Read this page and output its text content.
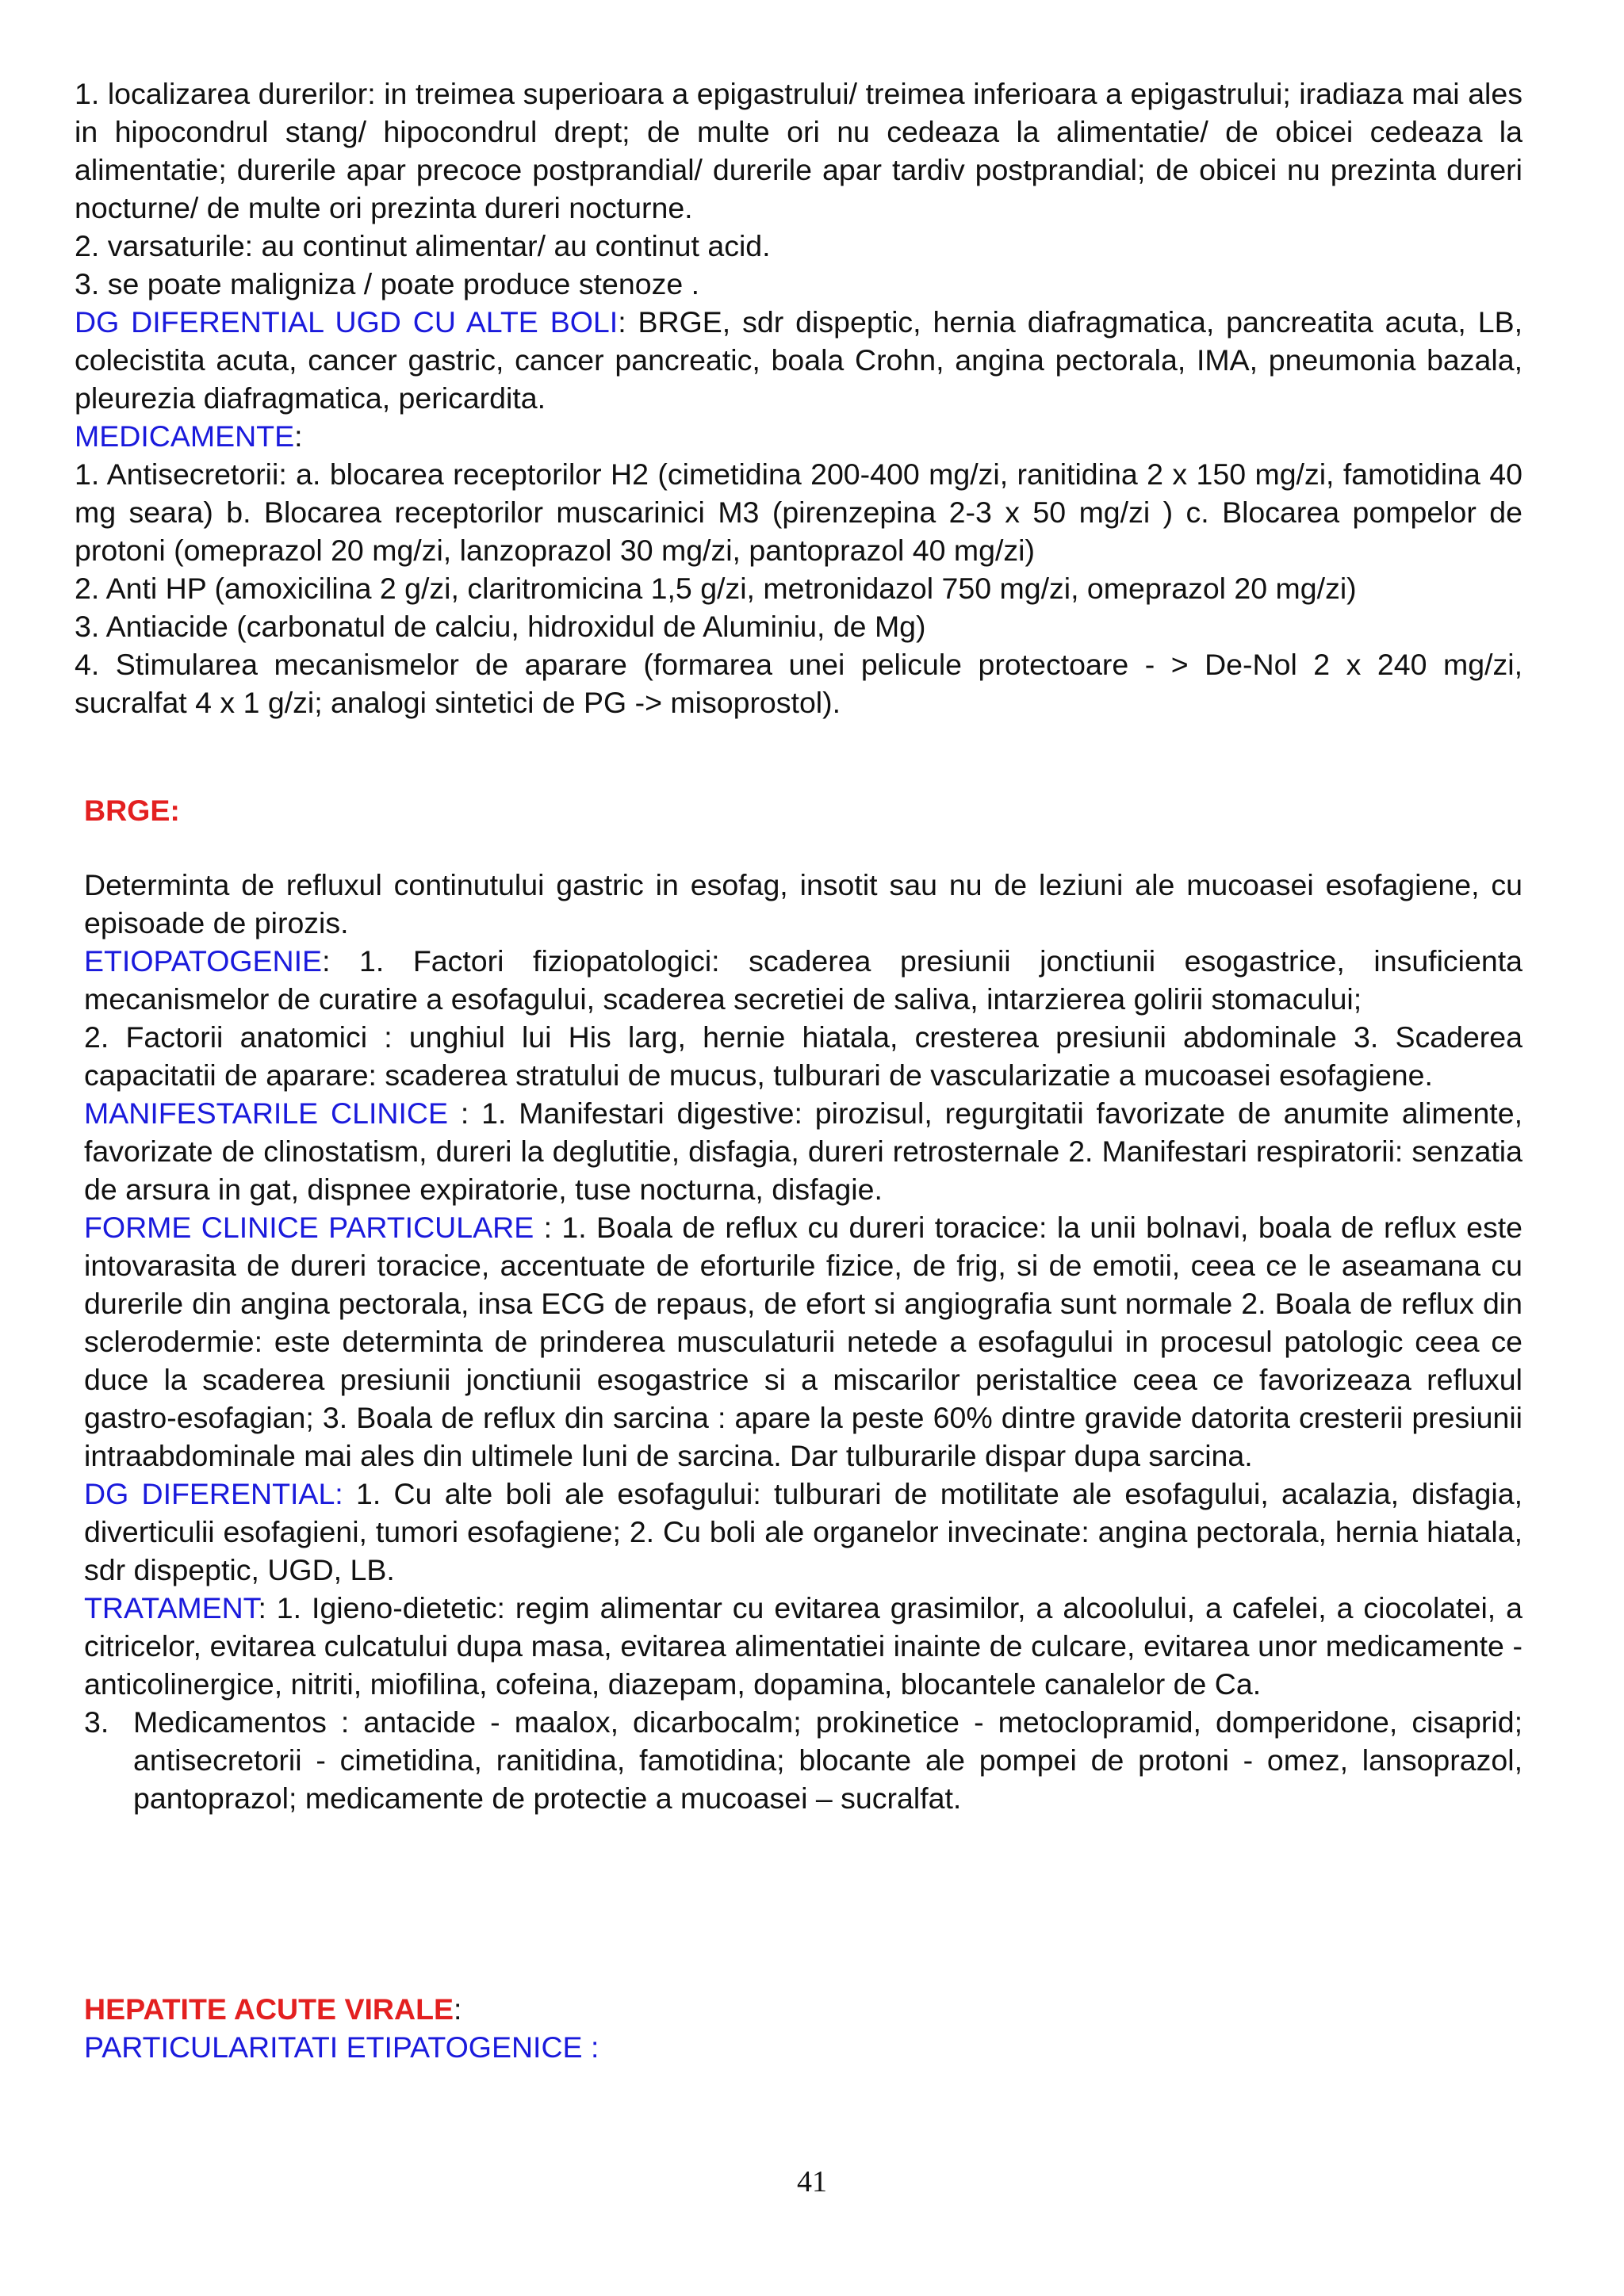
1. localizarea durerilor: in treimea superioara a epigastrului/ treimea inferioara a epigastrului; iradiaza mai ales in hipocondrul stang/ hipocondrul drept; de multe ori nu cedeaza la alimentatie/ de obicei cedeaza la alimentatie; durerile apar precoce postprandial/ durerile apar tardiv postprandial; de obicei nu prezinta dureri nocturne/ de multe ori prezinta dureri nocturne.

2. varsaturile: au continut alimentar/ au continut acid.

3. se poate maligniza / poate produce stenoze .

DG DIFERENTIAL UGD CU ALTE BOLI: BRGE, sdr dispeptic, hernia diafragmatica, pancreatita acuta, LB, colecistita acuta, cancer gastric, cancer pancreatic, boala Crohn, angina pectorala, IMA, pneumonia bazala, pleurezia diafragmatica, pericardita.

MEDICAMENTE:

1. Antisecretorii: a. blocarea receptorilor H2 (cimetidina 200-400 mg/zi, ranitidina 2 x 150 mg/zi, famotidina 40 mg seara) b. Blocarea receptorilor muscarinici M3 (pirenzepina 2-3 x 50 mg/zi ) c. Blocarea pompelor de protoni (omeprazol 20 mg/zi, lanzoprazol 30 mg/zi, pantoprazol 40 mg/zi)

2. Anti HP (amoxicilina 2 g/zi, claritromicina 1,5 g/zi, metronidazol 750 mg/zi, omeprazol 20 mg/zi)

3. Antiacide (carbonatul de calciu, hidroxidul de Aluminiu, de Mg)

4. Stimularea mecanismelor de aparare (formarea unei pelicule protectoare - > De-Nol 2 x 240 mg/zi, sucralfat 4 x 1 g/zi; analogi sintetici de PG -> misoprostol).

BRGE:

Determinta de refluxul continutului gastric in esofag, insotit sau nu de leziuni ale mucoasei esofagiene, cu episoade de pirozis.

ETIOPATOGENIE: 1. Factori fiziopatologici: scaderea presiunii jonctiunii esogastrice, insuficienta mecanismelor de curatire a esofagului, scaderea secretiei de saliva, intarzierea golirii stomacului;

2. Factorii anatomici : unghiul lui His larg, hernie hiatala, cresterea presiunii abdominale 3. Scaderea capacitatii de aparare: scaderea stratului de mucus, tulburari de vascularizatie a mucoasei esofagiene.

MANIFESTARILE CLINICE : 1. Manifestari digestive: pirozisul, regurgitatii favorizate de anumite alimente, favorizate de clinostatism, dureri la deglutitie, disfagia, dureri retrosternale 2. Manifestari respiratorii: senzatia de arsura in gat, dispnee expiratorie, tuse nocturna, disfagie.

FORME CLINICE PARTICULARE : 1. Boala de reflux cu dureri toracice: la unii bolnavi, boala de reflux este intovarasita de dureri toracice, accentuate de eforturile fizice, de frig, si de emotii, ceea ce le aseamana cu durerile din angina pectorala, insa ECG de repaus, de efort si angiografia sunt normale 2. Boala de reflux din sclerodermie: este determinta de prinderea musculaturii netede a esofagului in procesul patologic ceea ce duce la scaderea presiunii jonctiunii esogastrice si a miscarilor peristaltice ceea ce favorizeaza refluxul gastro-esofagian; 3. Boala de reflux din sarcina : apare la peste 60% dintre gravide datorita cresterii presiunii intraabdominale mai ales din ultimele luni de sarcina. Dar tulburarile dispar dupa sarcina.

DG DIFERENTIAL: 1. Cu alte boli ale esofagului: tulburari de motilitate ale esofagului, acalazia, disfagia, diverticulii esofagieni, tumori esofagiene; 2. Cu boli ale organelor invecinate: angina pectorala, hernia hiatala, sdr dispeptic, UGD, LB.

TRATAMENT: 1. Igieno-dietetic: regim alimentar cu evitarea grasimilor, a alcoolului, a cafelei, a ciocolatei, a citricelor, evitarea culcatului dupa masa, evitarea alimentatiei inainte de culcare, evitarea unor medicamente - anticolinergice, nitriti, miofilina, cofeina, diazepam, dopamina, blocantele canalelor de Ca.

3. Medicamentos : antacide - maalox, dicarbocalm; prokinetice - metoclopramid, domperidone, cisaprid; antisecretorii - cimetidina, ranitidina, famotidina; blocante ale pompei de protoni - omez, lansoprazol, pantoprazol; medicamente de protectie a mucoasei – sucralfat.

HEPATITE ACUTE VIRALE:

PARTICULARITATI ETIPATOGENICE :

41
